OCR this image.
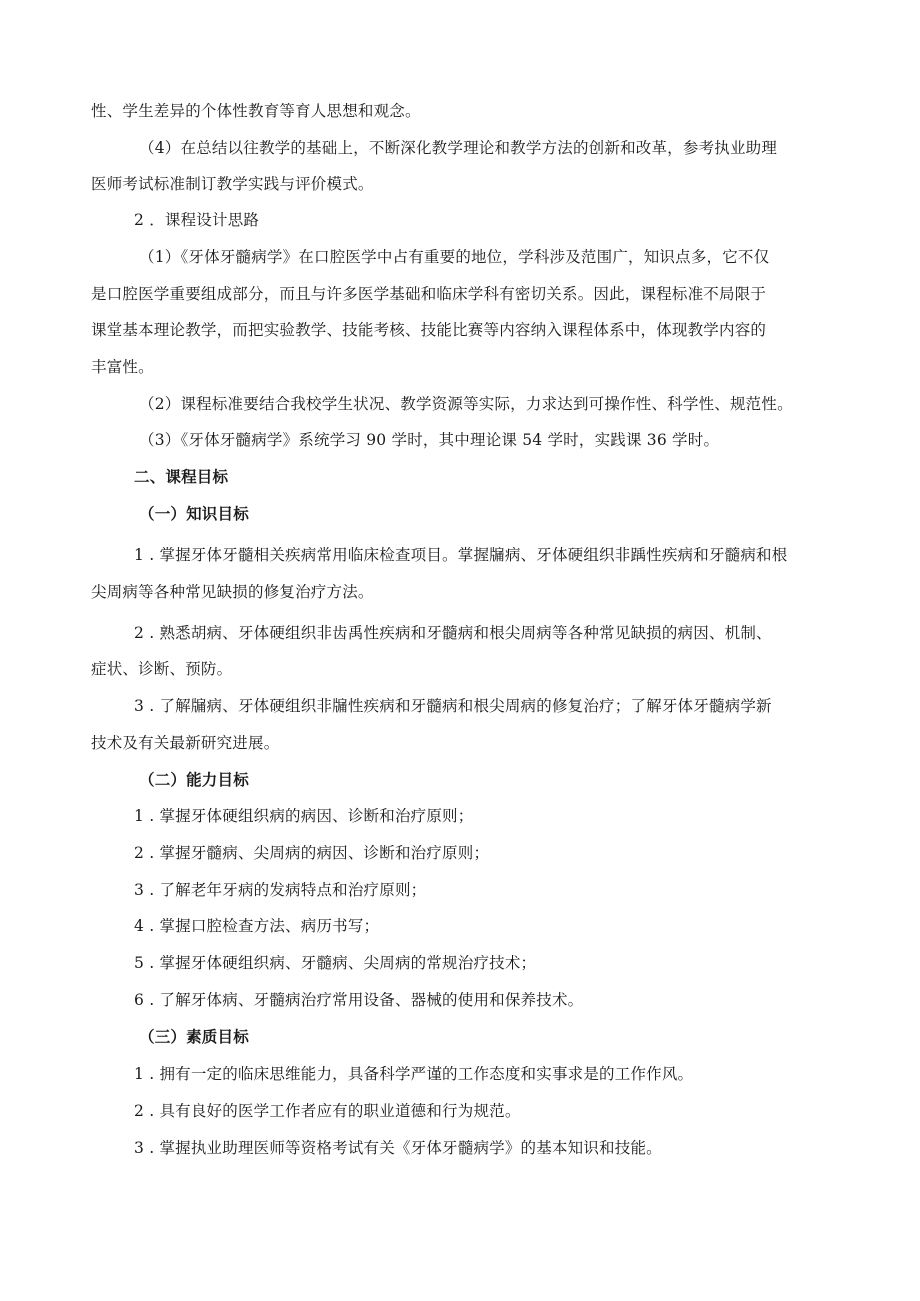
性、学生差异的个体性教育等育人思想和观念。
（4）在总结以往教学的基础上，不断深化教学理论和教学方法的创新和改革，参考执业助理
医师考试标准制订教学实践与评价模式。
2 ．课程设计思路
（1）《牙体牙髓病学》在口腔医学中占有重要的地位，学科涉及范围广，知识点多，它不仅
是口腔医学重要组成部分，而且与许多医学基础和临床学科有密切关系。因此，课程标准不局限于
课堂基本理论教学，而把实验教学、技能考核、技能比赛等内容纳入课程体系中，体现教学内容的
丰富性。
（2）课程标准要结合我校学生状况、教学资源等实际，力求达到可操作性、科学性、规范性。
（3）《牙体牙髓病学》系统学习 90 学时，其中理论课 54 学时，实践课 36 学时。
二、课程目标
（一）知识目标
1 . 掌握牙体牙髓相关疾病常用临床检查项目。掌握牖病、牙体硬组织非踽性疾病和牙髓病和根
尖周病等各种常见缺损的修复治疗方法。
2 . 熟悉胡病、牙体硬组织非齿禹性疾病和牙髓病和根尖周病等各种常见缺损的病因、机制、
症状、诊断、预防。
3 . 了解牖病、牙体硬组织非牖性疾病和牙髓病和根尖周病的修复治疗；了解牙体牙髓病学新
技术及有关最新研究进展。
（二）能力目标
1 . 掌握牙体硬组织病的病因、诊断和治疗原则；
2 . 掌握牙髓病、尖周病的病因、诊断和治疗原则；
3 . 了解老年牙病的发病特点和治疗原则；
4 . 掌握口腔检查方法、病历书写；
5 . 掌握牙体硬组织病、牙髓病、尖周病的常规治疗技术；
6 . 了解牙体病、牙髓病治疗常用设备、器械的使用和保养技术。
（三）素质目标
1 . 拥有一定的临床思维能力，具备科学严谨的工作态度和实事求是的工作作风。
2 . 具有良好的医学工作者应有的职业道德和行为规范。
3 . 掌握执业助理医师等资格考试有关《牙体牙髓病学》的基本知识和技能。
